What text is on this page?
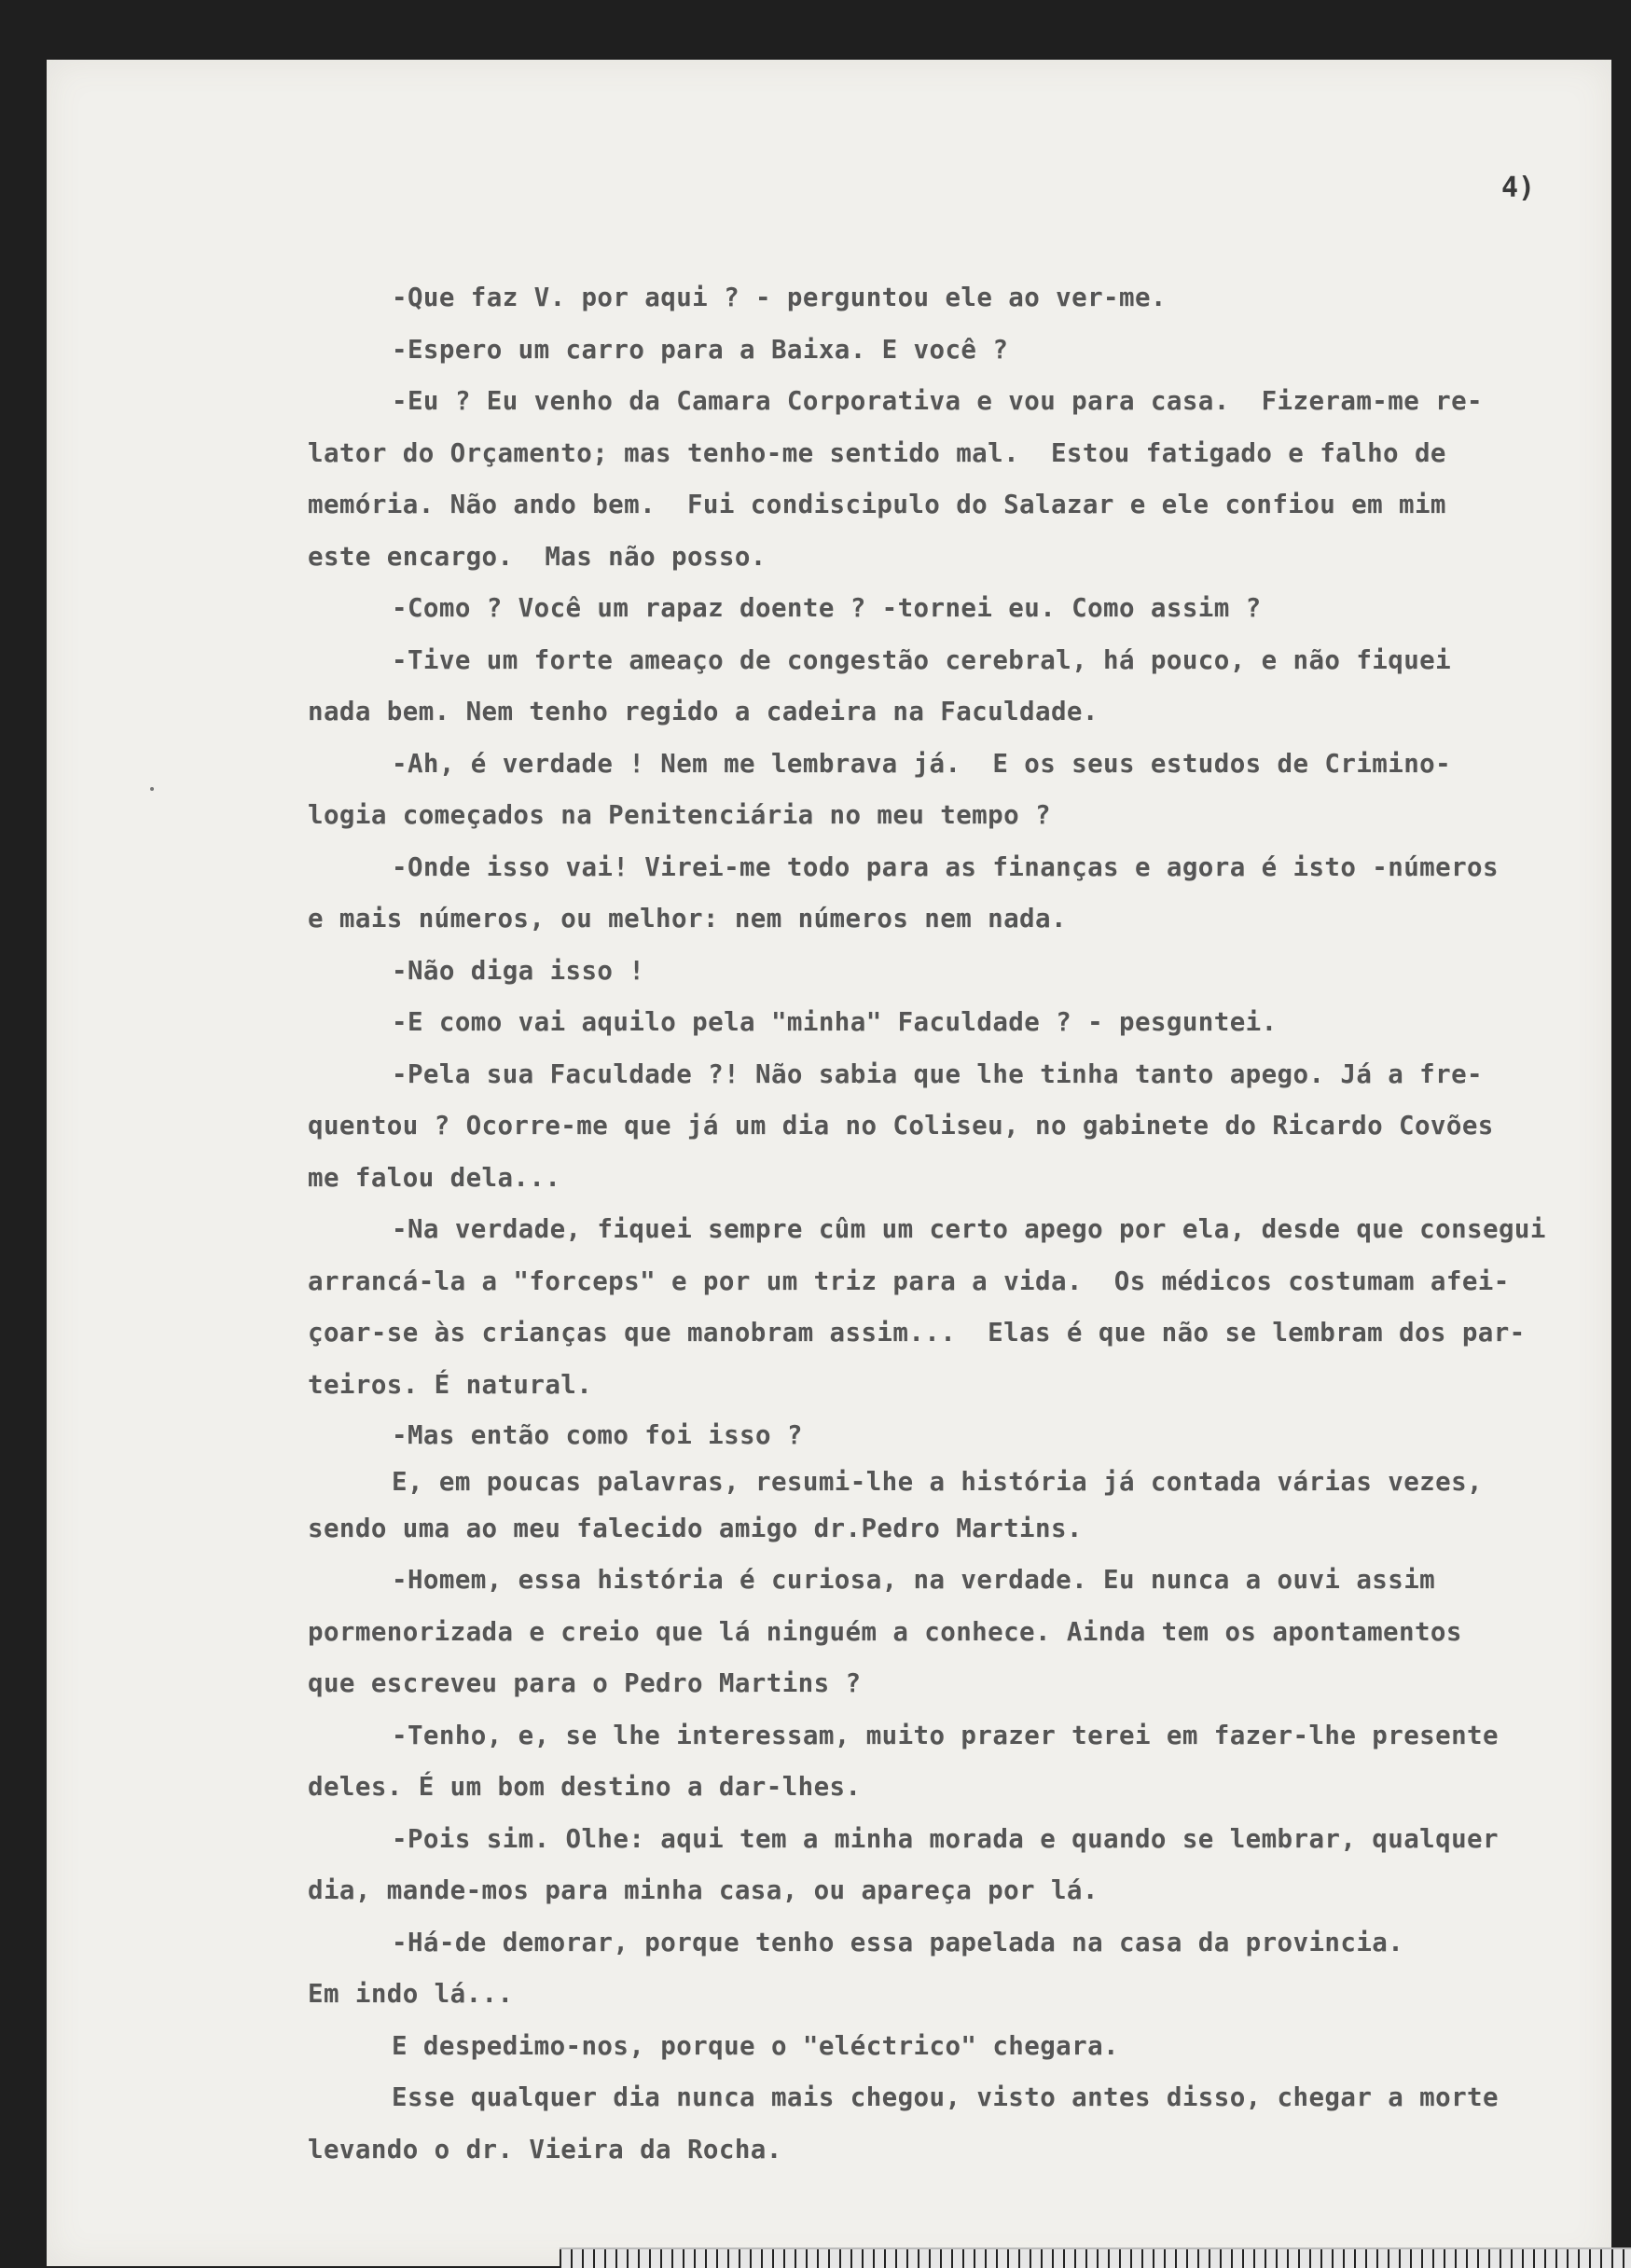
4)
-Que faz V. por aqui ? - perguntou ele ao ver-me.
-Espero um carro para a Baixa. E você ?
-Eu ? Eu venho da Camara Corporativa e vou para casa.  Fizeram-me re-
lator do Orçamento; mas tenho-me sentido mal.  Estou fatigado e falho de
memória. Não ando bem.  Fui condiscipulo do Salazar e ele confiou em mim
este encargo.  Mas não posso.
-Como ? Você um rapaz doente ? -tornei eu. Como assim ?
-Tive um forte ameaço de congestão cerebral, há pouco, e não fiquei
nada bem. Nem tenho regido a cadeira na Faculdade.
-Ah, é verdade ! Nem me lembrava já.  E os seus estudos de Crimino-
logia começados na Penitenciária no meu tempo ?
-Onde isso vai! Virei-me todo para as finanças e agora é isto -números
e mais números, ou melhor: nem números nem nada.
-Não diga isso !
-E como vai aquilo pela "minha" Faculdade ? - pesguntei.
-Pela sua Faculdade ?! Não sabia que lhe tinha tanto apego. Já a fre-
quentou ? Ocorre-me que já um dia no Coliseu, no gabinete do Ricardo Covões
me falou dela...
-Na verdade, fiquei sempre cûm um certo apego por ela, desde que consegui
arrancá-la a "forceps" e por um triz para a vida.  Os médicos costumam afei-
çoar-se às crianças que manobram assim...  Elas é que não se lembram dos par-
teiros. É natural.
-Mas então como foi isso ?
E, em poucas palavras, resumi-lhe a história já contada várias vezes,
sendo uma ao meu falecido amigo dr.Pedro Martins.
-Homem, essa história é curiosa, na verdade. Eu nunca a ouvi assim
pormenorizada e creio que lá ninguém a conhece. Ainda tem os apontamentos
que escreveu para o Pedro Martins ?
-Tenho, e, se lhe interessam, muito prazer terei em fazer-lhe presente
deles. É um bom destino a dar-lhes.
-Pois sim. Olhe: aqui tem a minha morada e quando se lembrar, qualquer
dia, mande-mos para minha casa, ou apareça por lá.
-Há-de demorar, porque tenho essa papelada na casa da provincia.
Em indo lá...
E despedimo-nos, porque o "eléctrico" chegara.
Esse qualquer dia nunca mais chegou, visto antes disso, chegar a morte
levando o dr. Vieira da Rocha.
